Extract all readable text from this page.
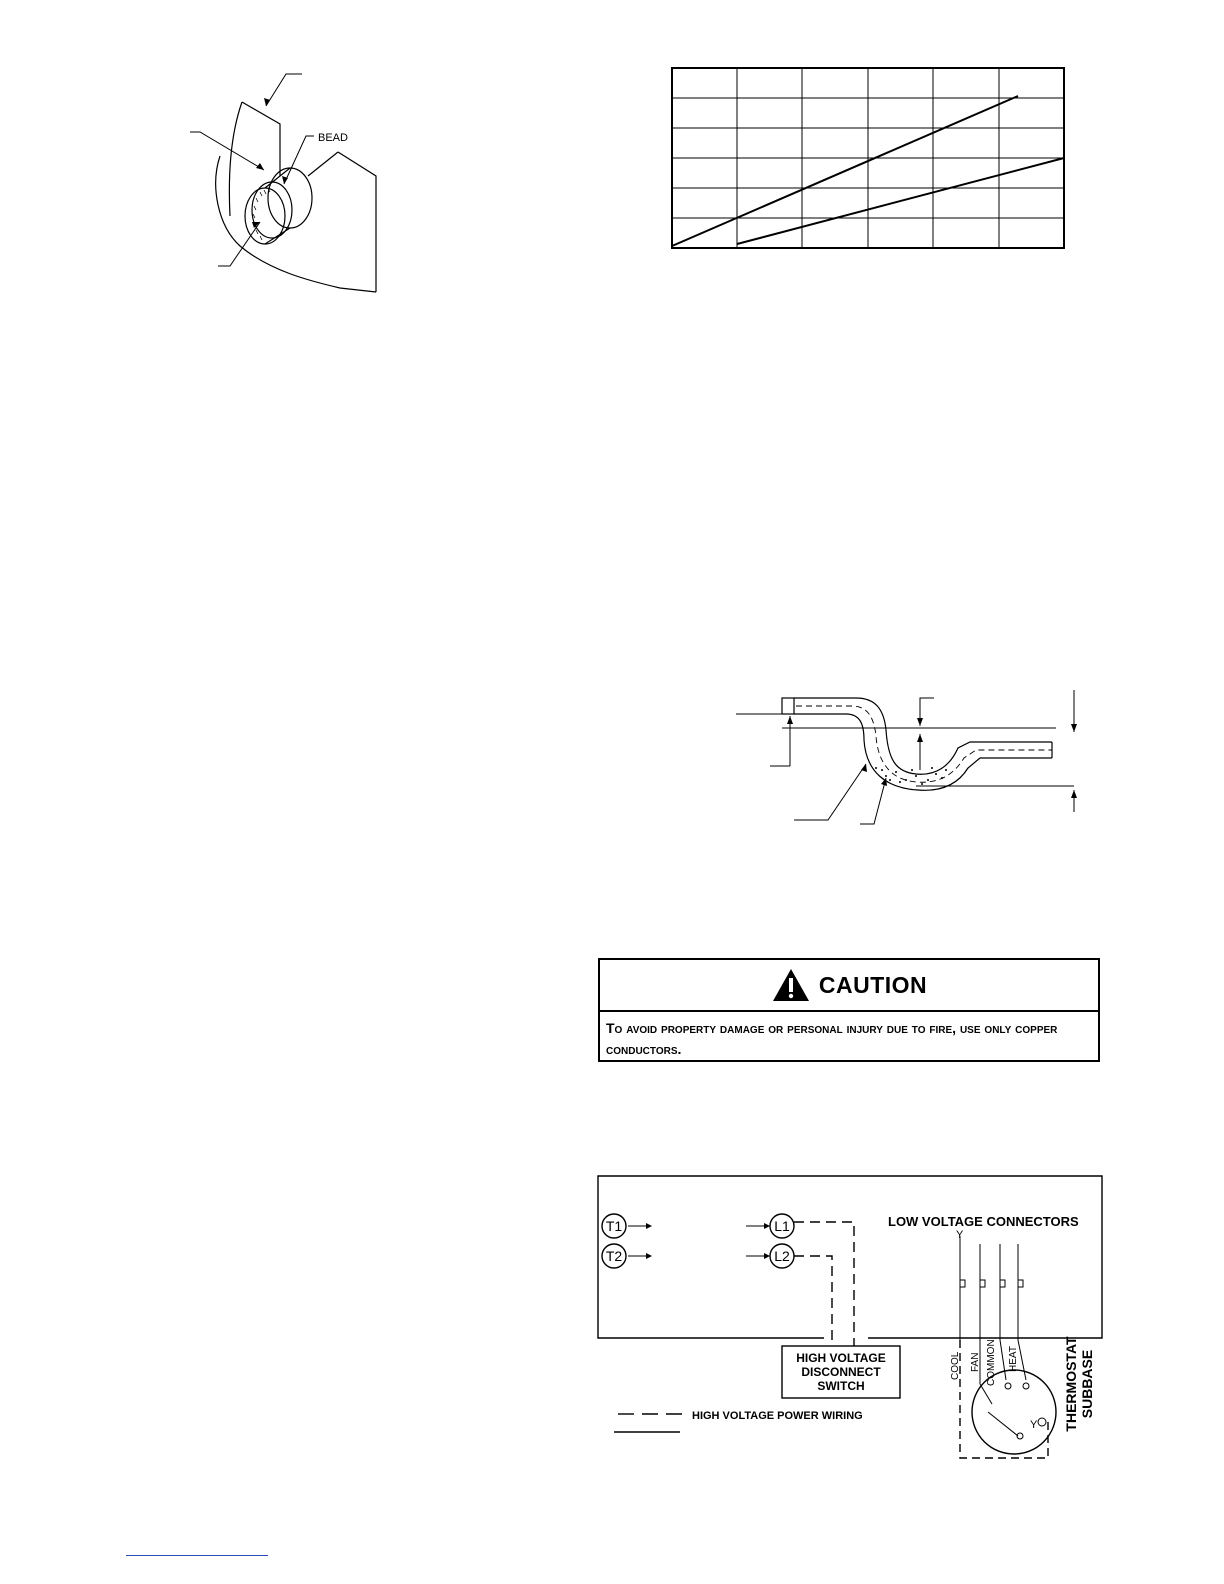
BEAD
CAUTION
To avoid property damage or personal injury due to fire, use only copper conductors.
T1
T2
L1
L2
LOW VOLTAGE CONNECTORS
Y
HIGH VOLTAGE
DISCONNECT
SWITCH
HIGH VOLTAGE POWER WIRING
COOL FAN COMMON HEAT
Y THERMOSTAT SUBBASE
